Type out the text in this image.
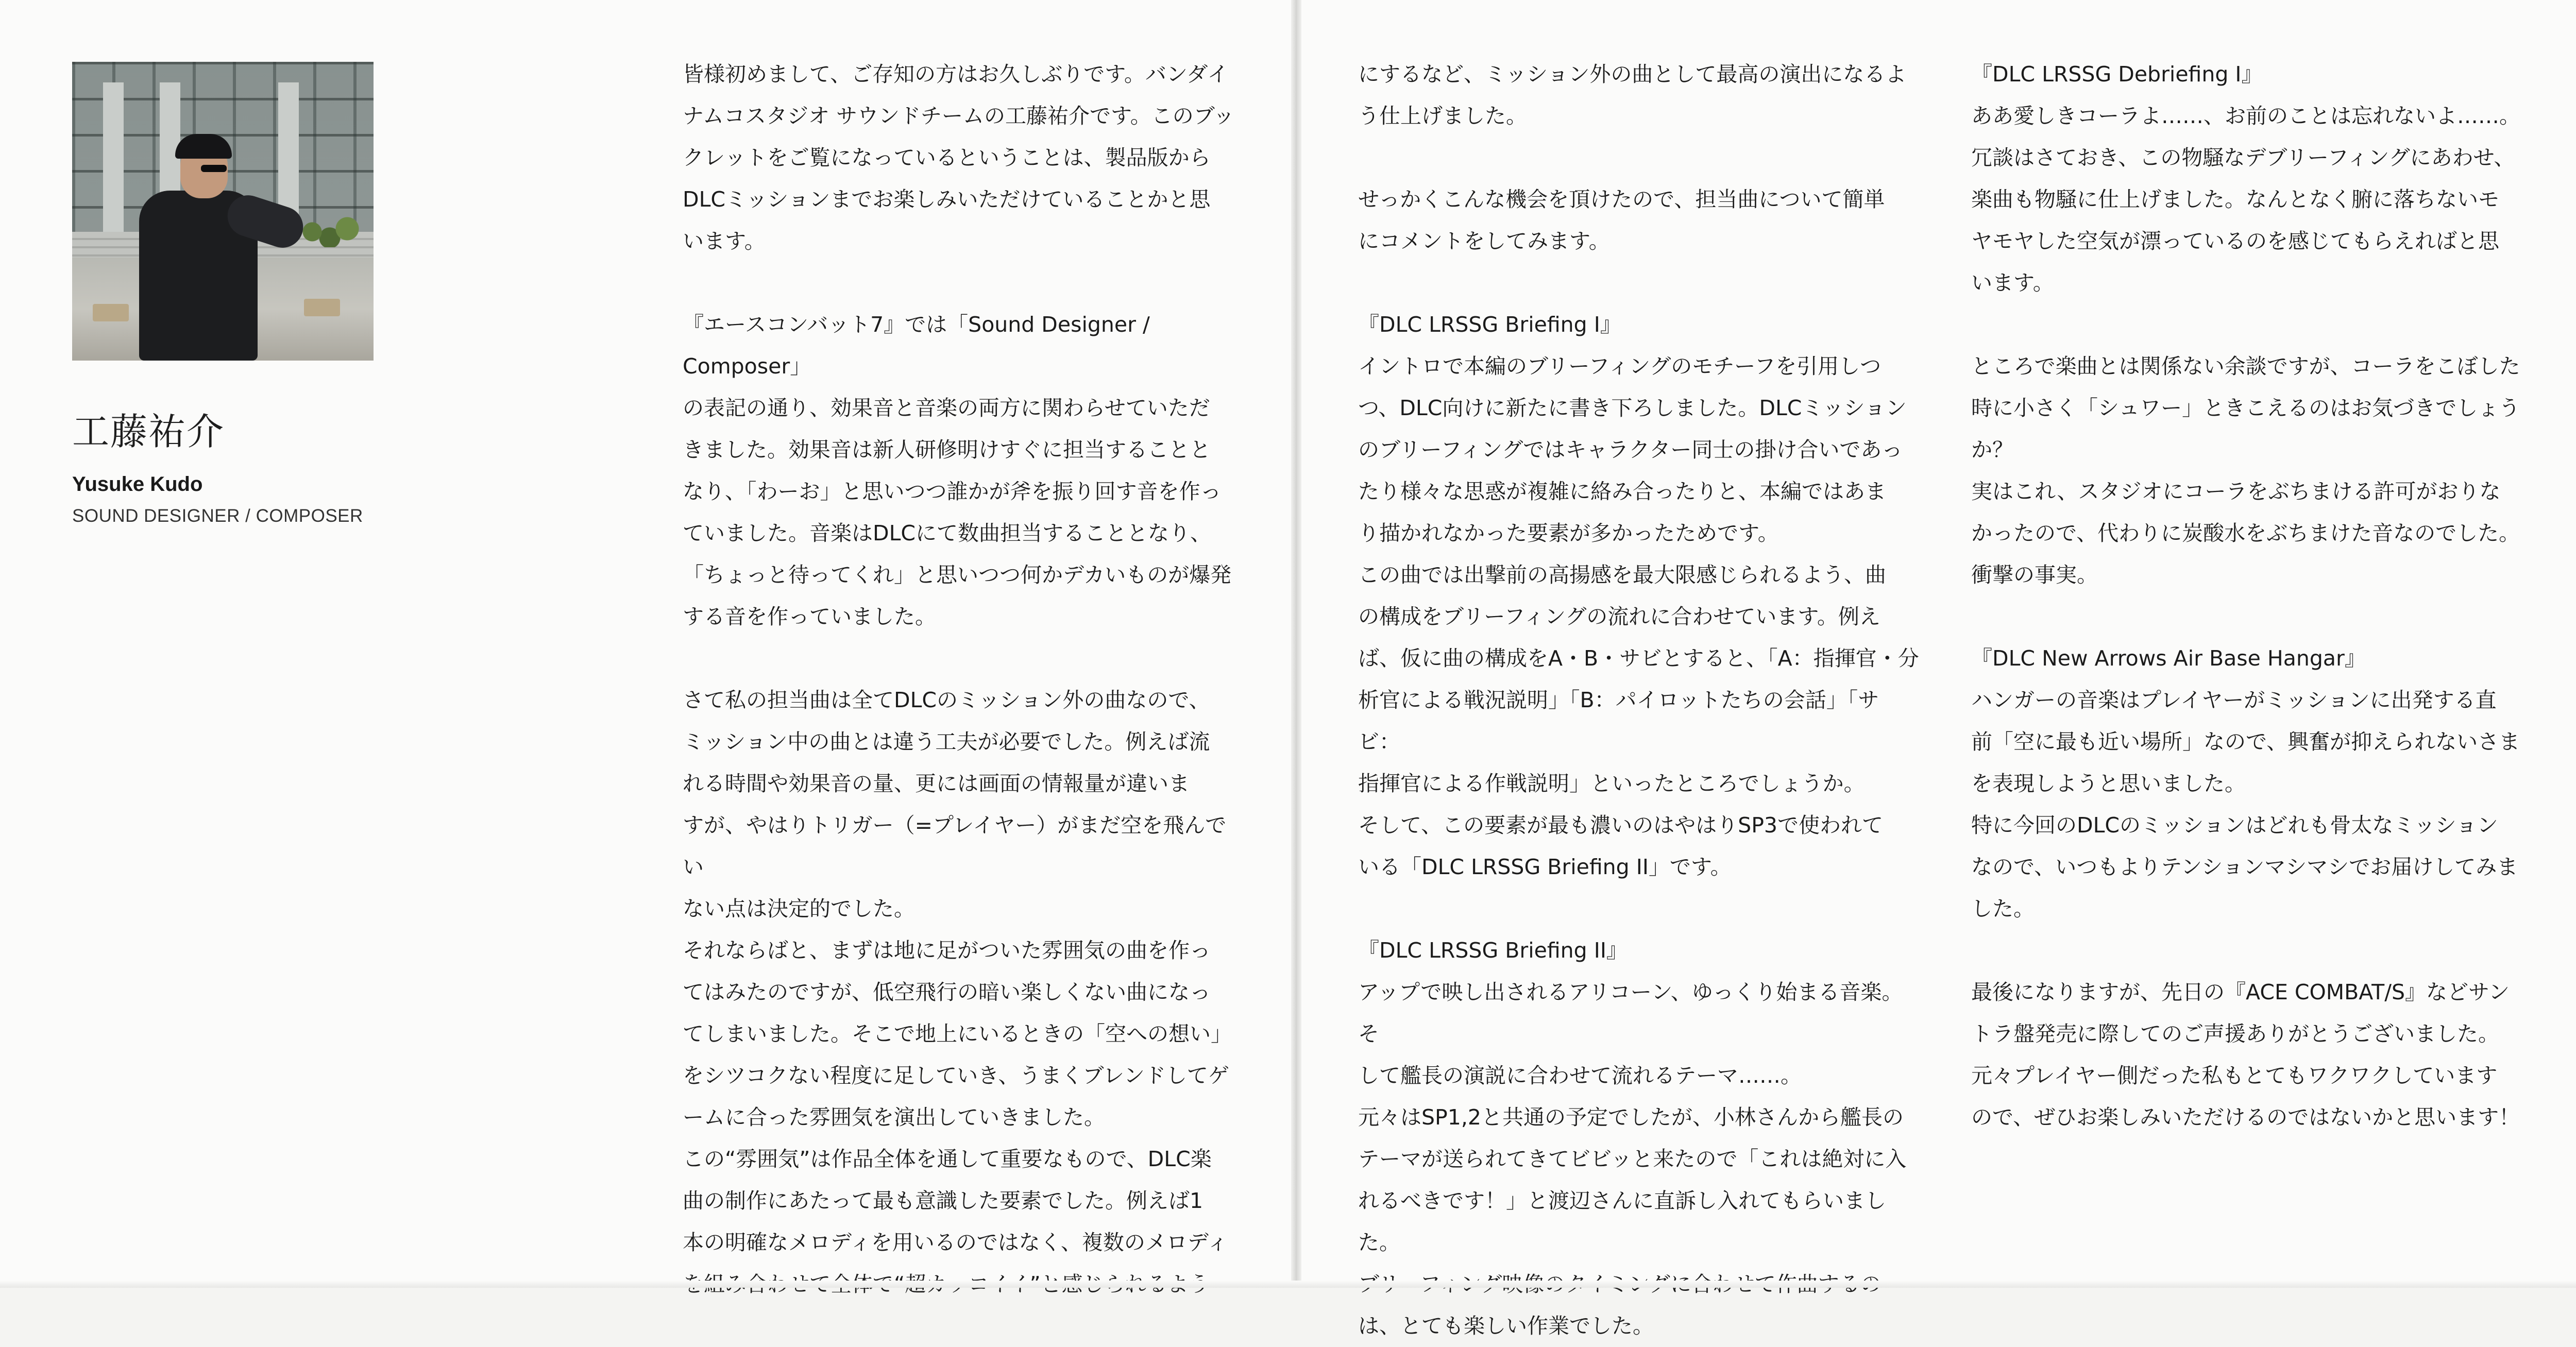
工藤祐介

Yusuke Kudo

SOUND DESIGNER / COMPOSER

皆様初めまして、ご存知の方はお久しぶりです。バンダイ
ナムコスタジオ サウンドチームの工藤祐介です。このブッ
クレットをご覧になっているということは、製品版から
DLCミッションまでお楽しみいただけていることかと思
います。
『エースコンバット7』では「Sound Designer / Composer」
の表記の通り、効果音と音楽の両方に関わらせていただ
きました。効果音は新人研修明けすぐに担当することと
なり、「わーお」と思いつつ誰かが斧を振り回す音を作っ
ていました。音楽はDLCにて数曲担当することとなり、
「ちょっと待ってくれ」と思いつつ何かデカいものが爆発
する音を作っていました。
さて私の担当曲は全てDLCのミッション外の曲なので、
ミッション中の曲とは違う工夫が必要でした。例えば流
れる時間や効果音の量、更には画面の情報量が違いま
すが、やはりトリガー（=プレイヤー）がまだ空を飛んでい
ない点は決定的でした。
それならばと、まずは地に足がついた雰囲気の曲を作っ
てはみたのですが、低空飛行の暗い楽しくない曲になっ
てしまいました。そこで地上にいるときの「空への想い」
をシツコクない程度に足していき、うまくブレンドしてゲ
ームに合った雰囲気を演出していきました。
この“雰囲気”は作品全体を通して重要なもので、DLC楽
曲の制作にあたって最も意識した要素でした。例えば1
本の明確なメロディを用いるのではなく、複数のメロディ
にするなど、ミッション外の曲として最高の演出になるよ
う仕上げました。
せっかくこんな機会を頂けたので、担当曲について簡単
にコメントをしてみます。
『DLC LRSSG Briefing I』
イントロで本編のブリーフィングのモチーフを引用しつ
つ、DLC向けに新たに書き下ろしました。DLCミッション
のブリーフィングではキャラクター同士の掛け合いであっ
たり様々な思惑が複雑に絡み合ったりと、本編ではあま
り描かれなかった要素が多かったためです。
この曲では出撃前の高揚感を最大限感じられるよう、曲
の構成をブリーフィングの流れに合わせています。例え
ば、仮に曲の構成をA・B・サビとすると、「A：指揮官・分
析官による戦況説明」「B：パイロットたちの会話」「サビ：
指揮官による作戦説明」といったところでしょうか。
そして、この要素が最も濃いのはやはりSP3で使われて
いる「DLC LRSSG Briefing II」です。
『DLC LRSSG Briefing II』
アップで映し出されるアリコーン、ゆっくり始まる音楽。そ
して艦長の演説に合わせて流れるテーマ……。
元々はSP1,2と共通の予定でしたが、小林さんから艦長の
テーマが送られてきてビビッと来たので「これは絶対に入
れるべきです！」と渡辺さんに直訴し入れてもらいました。
は、とても楽しい作業でした。
『DLC LRSSG Debriefing I』
ああ愛しきコーラよ……、お前のことは忘れないよ……。
冗談はさておき、この物騒なデブリーフィングにあわせ、
楽曲も物騒に仕上げました。なんとなく腑に落ちないモ
ヤモヤした空気が漂っているのを感じてもらえればと思
います。
ところで楽曲とは関係ない余談ですが、コーラをこぼした
時に小さく「シュワー」ときこえるのはお気づきでしょうか？
実はこれ、スタジオにコーラをぶちまける許可がおりな
かったので、代わりに炭酸水をぶちまけた音なのでした。
衝撃の事実。
『DLC New Arrows Air Base Hangar』
ハンガーの音楽はプレイヤーがミッションに出発する直
前「空に最も近い場所」なので、興奮が抑えられないさま
を表現しようと思いました。
特に今回のDLCのミッションはどれも骨太なミッション
なので、いつもよりテンションマシマシでお届けしてみま
した。
最後になりますが、先日の『ACE COMBAT/S』などサン
トラ盤発売に際してのご声援ありがとうございました。
元々プレイヤー側だった私もとてもワクワクしています
ので、ぜひお楽しみいただけるのではないかと思います！
